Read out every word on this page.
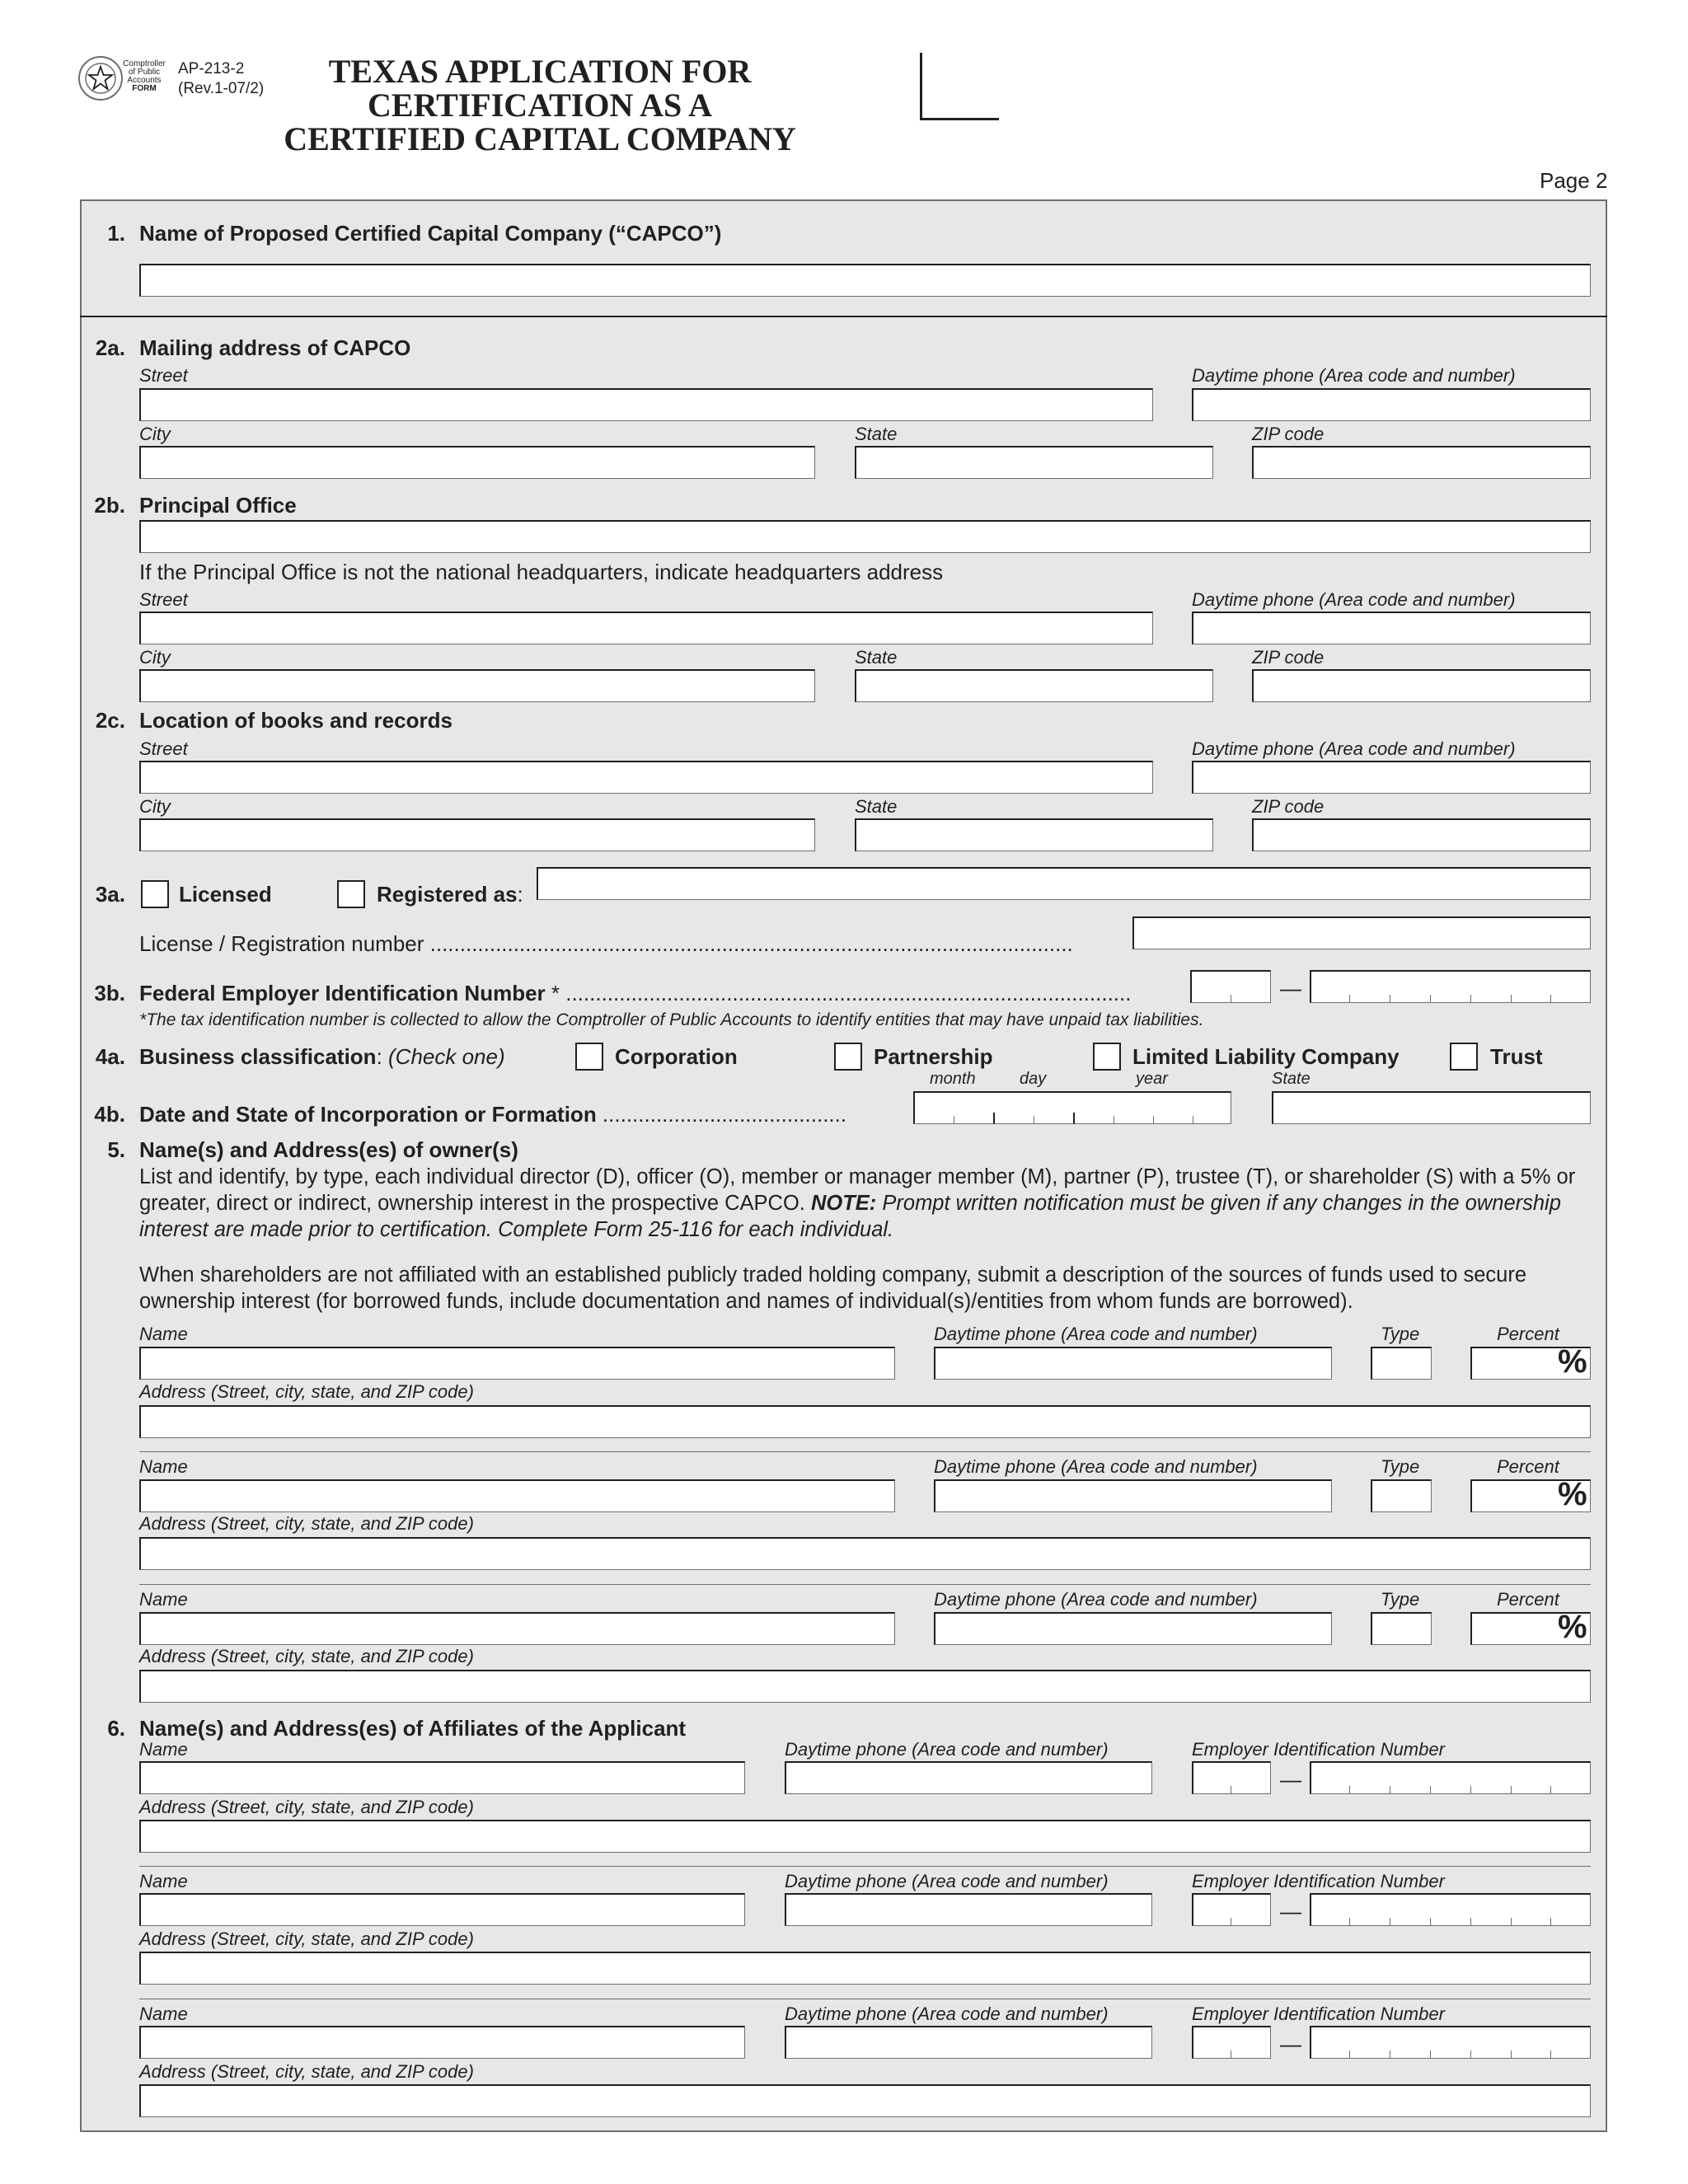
Comptroller
of Public
Accounts
FORM
AP-213-2
(Rev.1-07/2)	TEXAS APPLICATION FOR
CERTIFICATION AS A
CERTIFIED CAPITAL COMPANY
Page 2
1. Name of Proposed Certified Capital Company (“CAPCO”)
2a. Mailing address of CAPCO
Street	Daytime phone (Area code and number)
City	State	ZIP code
2b. Principal Office
If the Principal Office is not the national headquarters, indicate headquarters address
Street	Daytime phone (Area code and number)
City	State	ZIP code
2c. Location of books and records
Street	Daytime phone (Area code and number)
City	State	ZIP code
3a.	Licensed	Registered as:
License / Registration number ............................................................................................................
3b. Federal Employer Identification Number * ...............................................................................................	—
*The tax identification number is collected to allow the Comptroller of Public Accounts to identify entities that may have unpaid tax liabilities.
4a. Business classification: (Check one)	Corporation	Partnership	Limited Liability Company	Trust
month	day	year	State
4b. Date and State of Incorporation or Formation .........................................
5. Name(s) and Address(es) of owner(s)
List and identify, by type, each individual director (D), officer (O), member or manager member (M), partner (P), trustee (T), or shareholder (S) with a 5% or greater, direct or indirect, ownership interest in the prospective CAPCO. NOTE: Prompt written notification must be given if any changes in the ownership interest are made prior to certification. Complete Form 25-116 for each individual.
When shareholders are not affiliated with an established publicly traded holding company, submit a description of the sources of funds used to secure ownership interest (for borrowed funds, include documentation and names of individual(s)/entities from whom funds are borrowed).
Name	Daytime phone (Area code and number)	Type	Percent
%
Address (Street, city, state, and ZIP code)
Name	Daytime phone (Area code and number)	Type	Percent
%
Address (Street, city, state, and ZIP code)
Name	Daytime phone (Area code and number)	Type	Percent
%
Address (Street, city, state, and ZIP code)
6. Name(s) and Address(es) of Affiliates of the Applicant
Name	Daytime phone (Area code and number)	Employer Identification Number
—
Address (Street, city, state, and ZIP code)
Name	Daytime phone (Area code and number)	Employer Identification Number
—
Address (Street, city, state, and ZIP code)
Name	Daytime phone (Area code and number)	Employer Identification Number
—
Address (Street, city, state, and ZIP code)
